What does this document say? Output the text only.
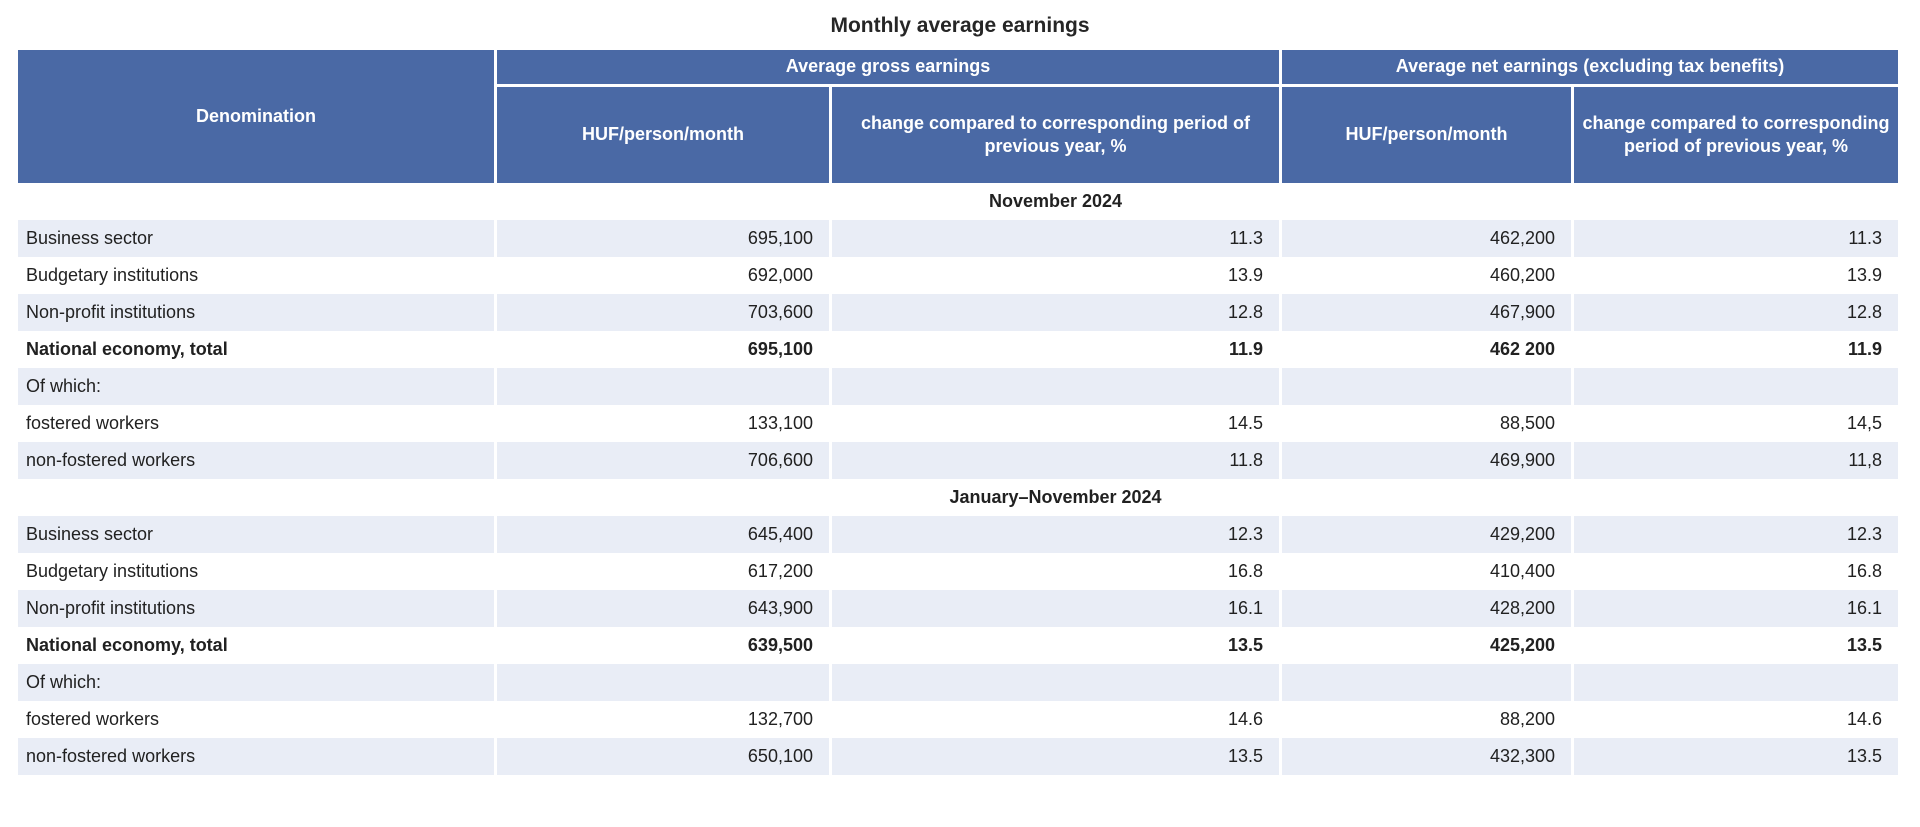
Monthly average earnings
Denomination	Average gross earnings		Average net earnings (excluding tax benefits)	
	HUF/person/month	change compared to corresponding period of previous year, %	HUF/person/month	change compared to corresponding period of previous year, %
		November 2024		
Business sector	695,100	11.3	462,200	11.3
Budgetary institutions	692,000	13.9	460,200	13.9
Non-profit institutions	703,600	12.8	467,900	12.8
National economy, total	695,100	11.9	462 200	11.9
Of which:				
fostered workers	133,100	14.5	88,500	14,5
non-fostered workers	706,600	11.8	469,900	11,8
		January–November 2024		
Business sector	645,400	12.3	429,200	12.3
Budgetary institutions	617,200	16.8	410,400	16.8
Non-profit institutions	643,900	16.1	428,200	16.1
National economy, total	639,500	13.5	425,200	13.5
Of which:				
fostered workers	132,700	14.6	88,200	14.6
non-fostered workers	650,100	13.5	432,300	13.5
